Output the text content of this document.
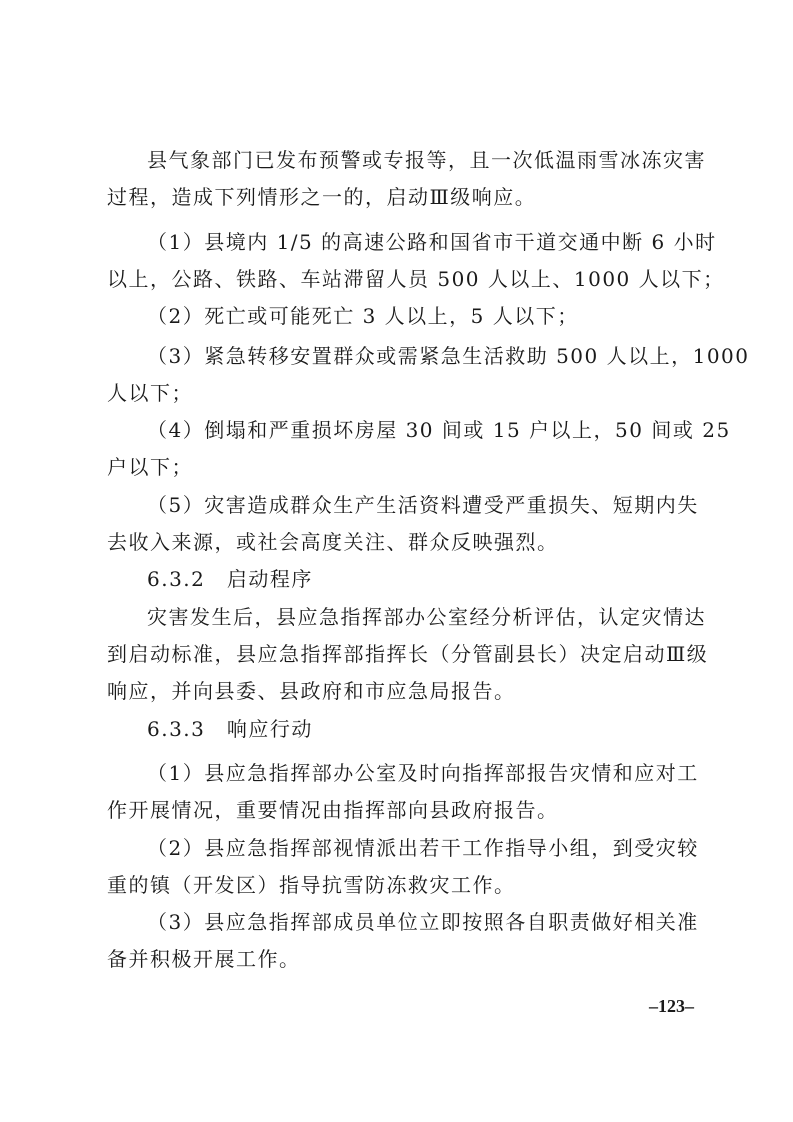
县气象部门已发布预警或专报等，且一次低温雨雪冰冻灾害
过程，造成下列情形之一的，启动Ⅲ级响应。
（1）县境内 1/5 的高速公路和国省市干道交通中断 6 小时
以上，公路、铁路、车站滞留人员 500 人以上、1000 人以下；
（2）死亡或可能死亡 3 人以上，5 人以下；
（3）紧急转移安置群众或需紧急生活救助 500 人以上，1000
人以下；
（4）倒塌和严重损坏房屋 30 间或 15 户以上，50 间或 25
户以下；
（5）灾害造成群众生产生活资料遭受严重损失、短期内失
去收入来源，或社会高度关注、群众反映强烈。
6.3.2　启动程序
灾害发生后，县应急指挥部办公室经分析评估，认定灾情达
到启动标准，县应急指挥部指挥长（分管副县长）决定启动Ⅲ级
响应，并向县委、县政府和市应急局报告。
6.3.3　响应行动
（1）县应急指挥部办公室及时向指挥部报告灾情和应对工
作开展情况，重要情况由指挥部向县政府报告。
（2）县应急指挥部视情派出若干工作指导小组，到受灾较
重的镇（开发区）指导抗雪防冻救灾工作。
（3）县应急指挥部成员单位立即按照各自职责做好相关准
备并积极开展工作。
–123–
